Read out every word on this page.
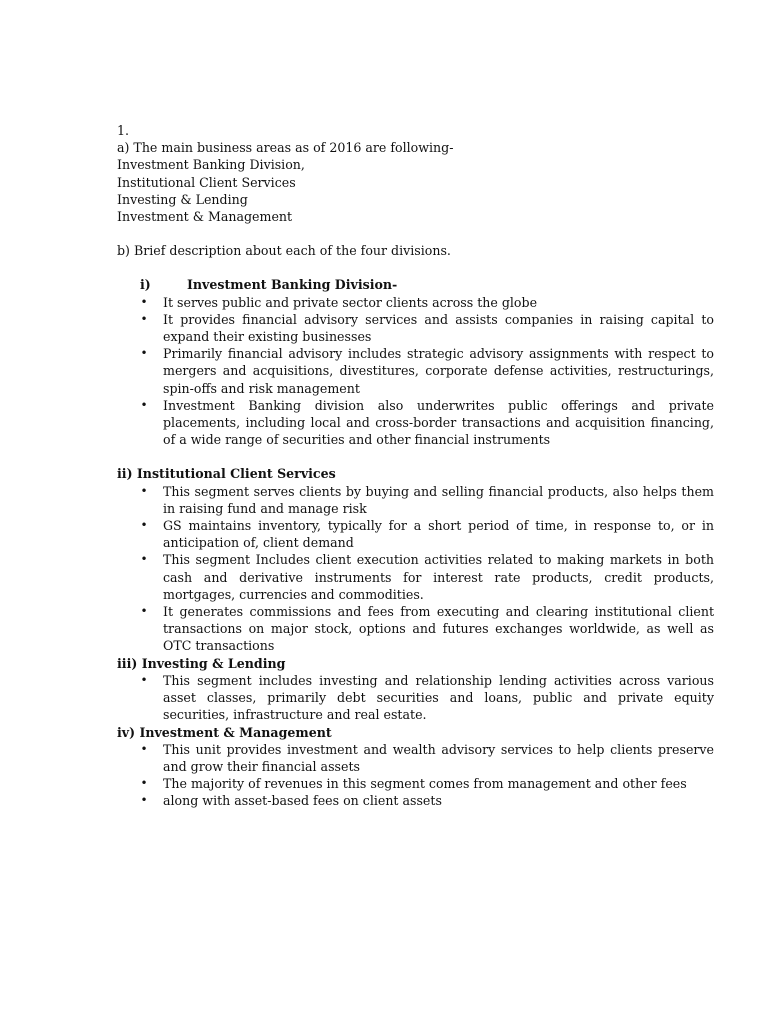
1.

a) The main business areas as of 2016 are following-

Investment Banking Division,

Institutional Client Services

Investing & Lending

Investment & Management

b) Brief description about each of the four divisions.

i)	Investment Banking Division-
• It serves public and private sector clients across the globe
• It provides financial advisory services and assists companies in raising capital to expand their existing businesses
• Primarily financial advisory includes strategic advisory assignments with respect to mergers and acquisitions, divestitures, corporate defense activities, restructurings, spin-offs and risk management
• Investment Banking division also underwrites public offerings and private placements, including local and cross-border transactions and acquisition financing, of a wide range of securities and other financial instruments

ii) Institutional Client Services

• This segment serves clients by buying and selling financial products, also helps them in raising fund and manage risk
• GS maintains inventory, typically for a short period of time, in response to, or in anticipation of, client demand
• This segment Includes client execution activities related to making markets in both cash and derivative instruments for interest rate products, credit products, mortgages, currencies and commodities.
• It generates commissions and fees from executing and clearing institutional client transactions on major stock, options and futures exchanges worldwide, as well as OTC transactions

iii) Investing & Lending

• This segment includes investing and relationship lending activities across various asset classes, primarily debt securities and loans, public and private equity securities, infrastructure and real estate.

iv) Investment & Management

• This unit provides investment and wealth advisory services to help clients preserve and grow their financial assets
• The majority of revenues in this segment comes from management and other fees
• along with asset-based fees on client assets
